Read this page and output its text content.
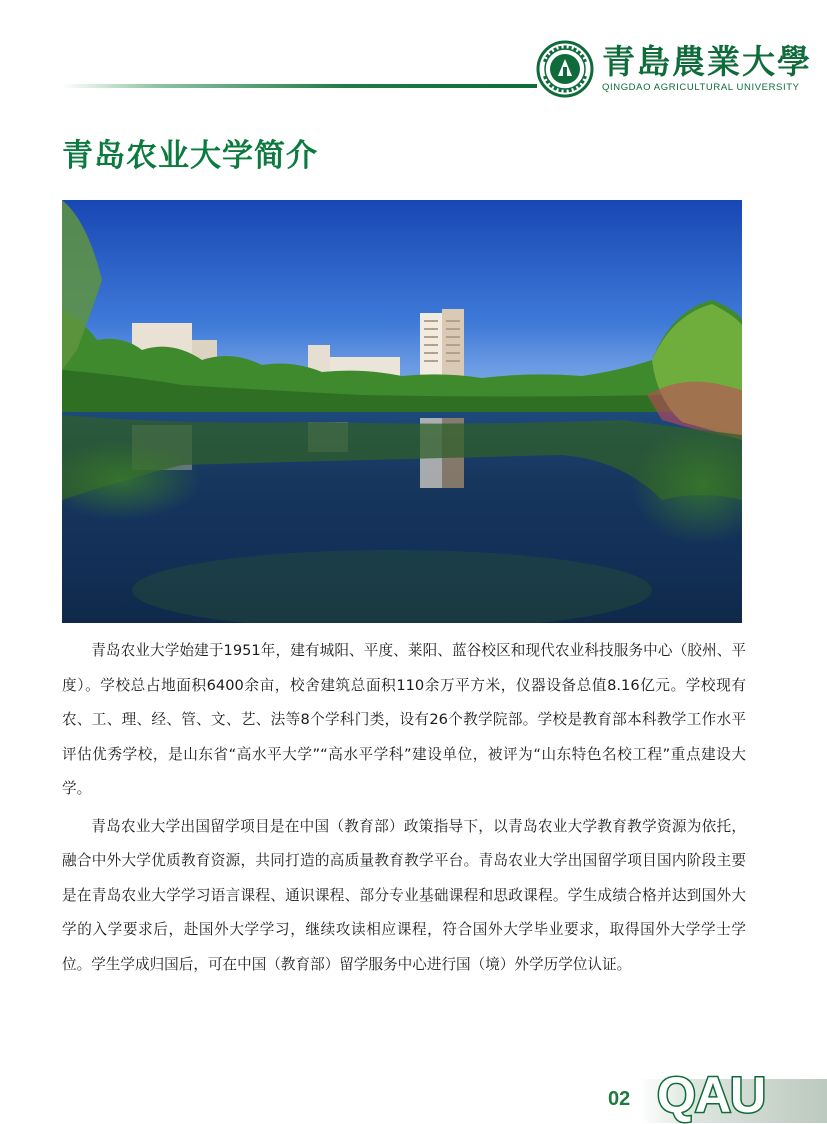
青島農業大學
QINGDAO AGRICULTURAL UNIVERSITY
青岛农业大学简介

青岛农业大学始建于1951年，建有城阳、平度、莱阳、蓝谷校区和现代农业科技服务中心（胶州、平度）。学校总占地面积6400余亩，校舍建筑总面积110余万平方米，仪器设备总值8.16亿元。学校现有农、工、理、经、管、文、艺、法等8个学科门类，设有26个教学院部。学校是教育部本科教学工作水平评估优秀学校，是山东省“高水平大学”“高水平学科”建设单位，被评为“山东特色名校工程”重点建设大学。

青岛农业大学出国留学项目是在中国（教育部）政策指导下，以青岛农业大学教育教学资源为依托，融合中外大学优质教育资源，共同打造的高质量教育教学平台。青岛农业大学出国留学项目国内阶段主要是在青岛农业大学学习语言课程、通识课程、部分专业基础课程和思政课程。学生成绩合格并达到国外大学的入学要求后，赴国外大学学习，继续攻读相应课程，符合国外大学毕业要求，取得国外大学学士学位。学生学成归国后，可在中国（教育部）留学服务中心进行国（境）外学历学位认证。

02 QAU
